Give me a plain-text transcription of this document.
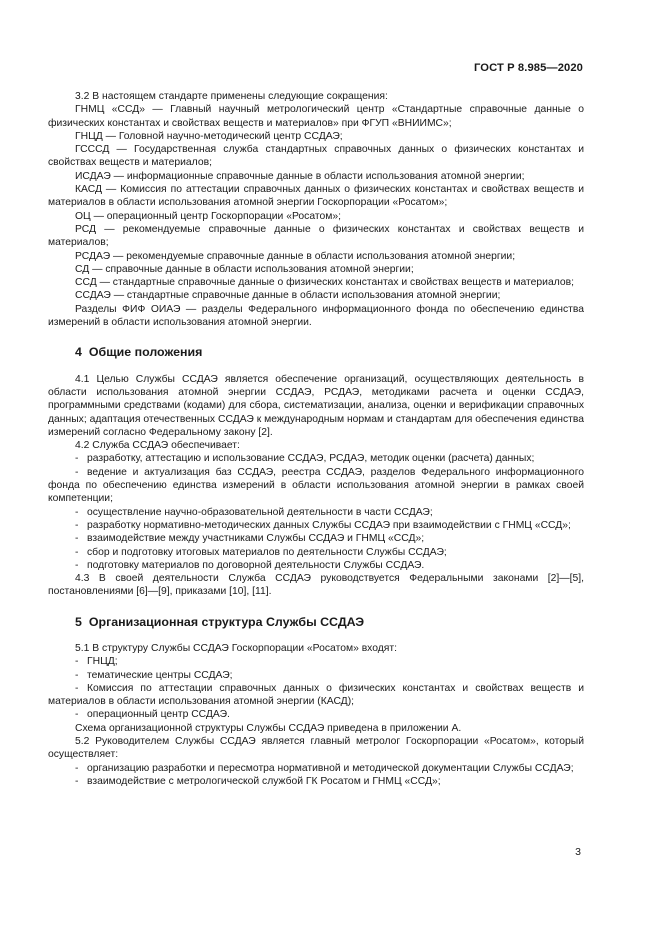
ГОСТ Р 8.985—2020

3.2 В настоящем стандарте применены следующие сокращения:

ГНМЦ «ССД» — Главный научный метрологический центр «Стандартные справочные данные о физических константах и свойствах веществ и материалов» при ФГУП «ВНИИМС»;

ГНЦД — Головной научно-методический центр ССДАЭ;

ГСССД — Государственная служба стандартных справочных данных о физических константах и свойствах веществ и материалов;

ИСДАЭ — информационные справочные данные в области использования атомной энергии;

КАСД — Комиссия по аттестации справочных данных о физических константах и свойствах веществ и материалов в области использования атомной энергии Госкорпорации «Росатом»;

ОЦ — операционный центр Госкорпорации «Росатом»;

РСД — рекомендуемые справочные данные о физических константах и свойствах веществ и материалов;

РСДАЭ — рекомендуемые справочные данные в области использования атомной энергии;

СД — справочные данные в области использования атомной энергии;

ССД — стандартные справочные данные о физических константах и свойствах веществ и материалов;

ССДАЭ — стандартные справочные данные в области использования атомной энергии;

Разделы ФИФ ОИАЭ — разделы Федерального информационного фонда по обеспечению единства измерений в области использования атомной энергии.

4 Общие положения

4.1 Целью Службы ССДАЭ является обеспечение организаций, осуществляющих деятельность в области использования атомной энергии ССДАЭ, РСДАЭ, методиками расчета и оценки ССДАЭ, программными средствами (кодами) для сбора, систематизации, анализа, оценки и верификации справочных данных; адаптация отечественных ССДАЭ к международным нормам и стандартам для обеспечения единства измерений согласно Федеральному закону [2].

4.2 Служба ССДАЭ обеспечивает:

- разработку, аттестацию и использование ССДАЭ, РСДАЭ, методик оценки (расчета) данных;

- ведение и актуализация баз ССДАЭ, реестра ССДАЭ, разделов Федерального информационного фонда по обеспечению единства измерений в области использования атомной энергии в рамках своей компетенции;

- осуществление научно-образовательной деятельности в части ССДАЭ;

- разработку нормативно-методических данных Службы ССДАЭ при взаимодействии с ГНМЦ «ССД»;

- взаимодействие между участниками Службы ССДАЭ и ГНМЦ «ССД»;

- сбор и подготовку итоговых материалов по деятельности Службы ССДАЭ;

- подготовку материалов по договорной деятельности Службы ССДАЭ.

4.3 В своей деятельности Служба ССДАЭ руководствуется Федеральными законами [2]—[5], постановлениями [6]—[9], приказами [10], [11].

5 Организационная структура Службы ССДАЭ

5.1 В структуру Службы ССДАЭ Госкорпорации «Росатом» входят:

- ГНЦД;

- тематические центры ССДАЭ;

- Комиссия по аттестации справочных данных о физических константах и свойствах веществ и материалов в области использования атомной энергии (КАСД);

- операционный центр ССДАЭ.

Схема организационной структуры Службы ССДАЭ приведена в приложении А.

5.2 Руководителем Службы ССДАЭ является главный метролог Госкорпорации «Росатом», который осуществляет:

- организацию разработки и пересмотра нормативной и методической документации Службы ССДАЭ;

- взаимодействие с метрологической службой ГК Росатом и ГНМЦ «ССД»;

3
